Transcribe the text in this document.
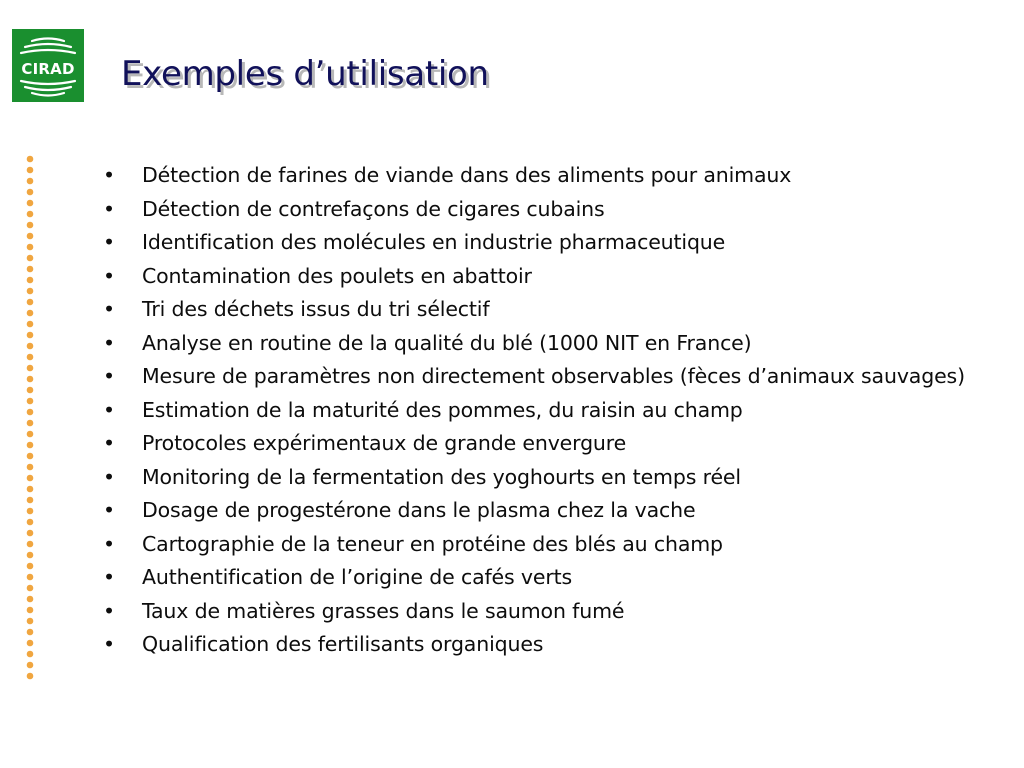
CIRAD Exemples d’utilisation
• Détection de farines de viande dans des aliments pour animaux
• Détection de contrefaçons de cigares cubains
• Identification des molécules en industrie pharmaceutique
• Contamination des poulets en abattoir
• Tri des déchets issus du tri sélectif
• Analyse en routine de la qualité du blé (1000 NIT en France)
• Mesure de paramètres non directement observables (fèces d’animaux sauvages)
• Estimation de la maturité des pommes, du raisin au champ
• Protocoles expérimentaux de grande envergure
• Monitoring de la fermentation des yoghourts en temps réel
• Dosage de progestérone dans le plasma chez la vache
• Cartographie de la teneur en protéine des blés au champ
• Authentification de l’origine de cafés verts
• Taux de matières grasses dans le saumon fumé
• Qualification des fertilisants organiques
